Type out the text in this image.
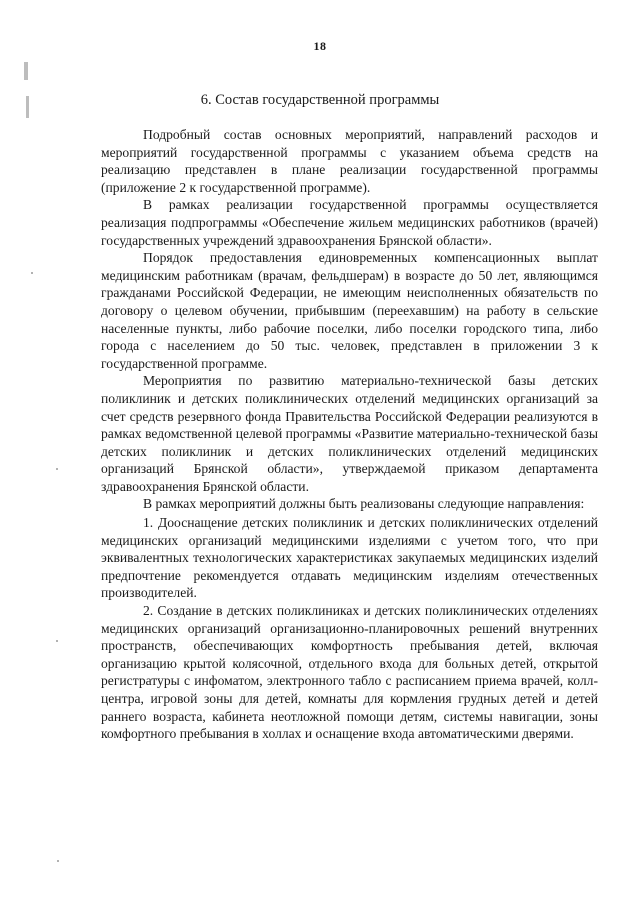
18
6. Состав государственной программы

Подробный состав основных мероприятий, направлений расходов и мероприятий государственной программы с указанием объема средств на реализацию представлен в плане реализации государственной программы (приложение 2 к государственной программе).

В рамках реализации государственной программы осуществляется реализация подпрограммы «Обеспечение жильем медицинских работников (врачей) государственных учреждений здравоохранения Брянской области».

Порядок предоставления единовременных компенсационных выплат медицинским работникам (врачам, фельдшерам) в возрасте до 50 лет, являющимся гражданами Российской Федерации, не имеющим неисполненных обязательств по договору о целевом обучении, прибывшим (переехавшим) на работу в сельские населенные пункты, либо рабочие поселки, либо поселки городского типа, либо города с населением до 50 тыс. человек, представлен в приложении 3 к государственной программе.

Мероприятия по развитию материально-технической базы детских поликлиник и детских поликлинических отделений медицинских организаций за счет средств резервного фонда Правительства Российской Федерации реализуются в рамках ведомственной целевой программы «Развитие материально-технической базы детских поликлиник и детских поликлинических отделений медицинских организаций Брянской области», утверждаемой приказом департамента здравоохранения Брянской области.

В рамках мероприятий должны быть реализованы следующие направления:

1. Дооснащение детских поликлиник и детских поликлинических отделений медицинских организаций медицинскими изделиями с учетом того, что при эквивалентных технологических характеристиках закупаемых медицинских изделий предпочтение рекомендуется отдавать медицинским изделиям отечественных производителей.

2. Создание в детских поликлиниках и детских поликлинических отделениях медицинских организаций организационно-планировочных решений внутренних пространств, обеспечивающих комфортность пребывания детей, включая организацию крытой колясочной, отдельного входа для больных детей, открытой регистратуры с инфоматом, электронного табло с расписанием приема врачей, колл-центра, игровой зоны для детей, комнаты для кормления грудных детей и детей раннего возраста, кабинета неотложной помощи детям, системы навигации, зоны комфортного пребывания в холлах и оснащение входа автоматическими дверями.
